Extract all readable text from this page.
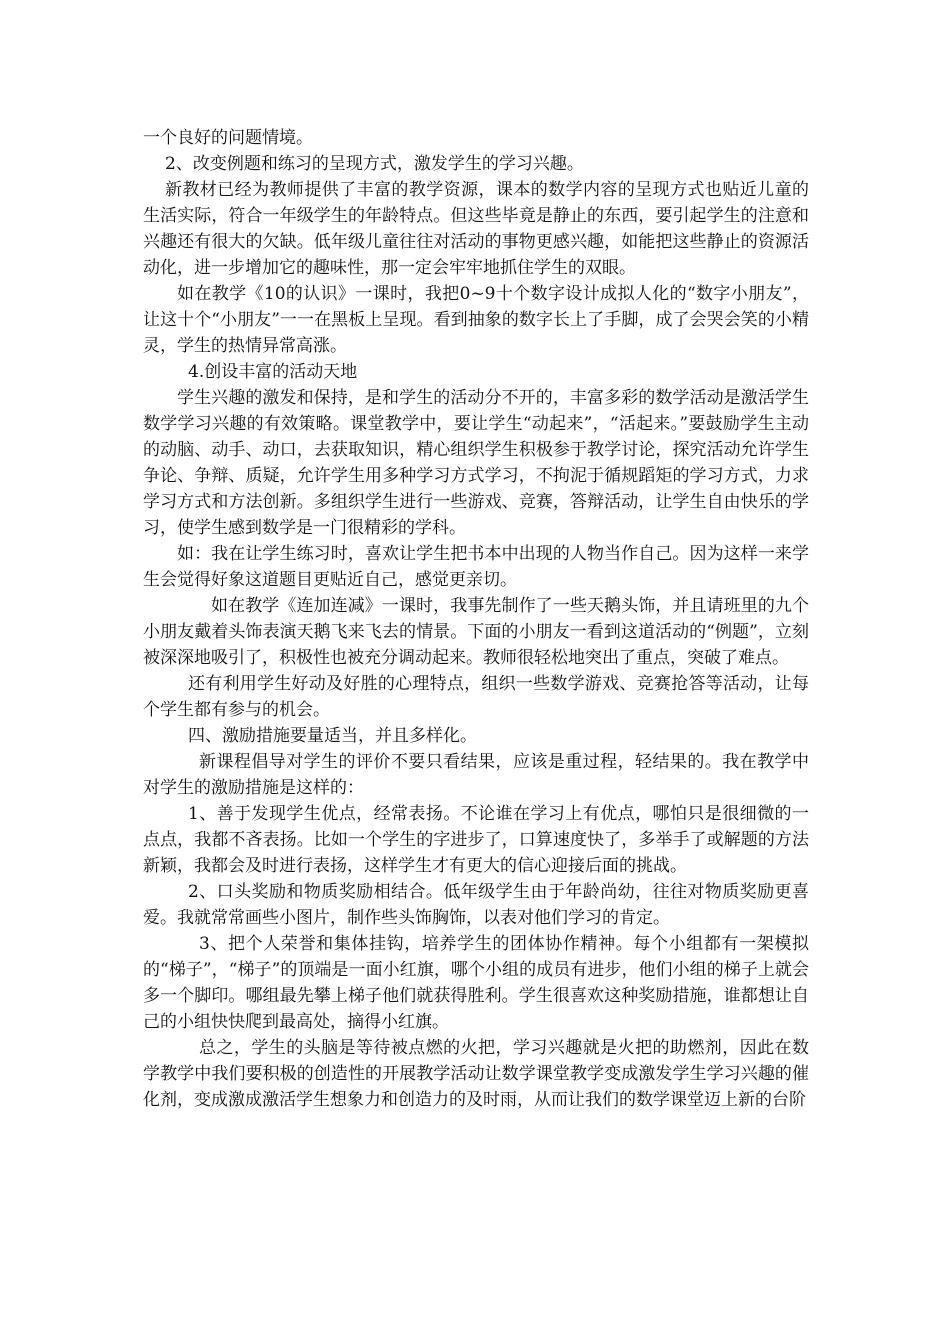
一个良好的问题情境。

2、改变例题和练习的呈现方式，激发学生的学习兴趣。

新教材已经为教师提供了丰富的教学资源，课本的数学内容的呈现方式也贴近儿童的生活实际，符合一年级学生的年龄特点。但这些毕竟是静止的东西，要引起学生的注意和兴趣还有很大的欠缺。低年级儿童往往对活动的事物更感兴趣，如能把这些静止的资源活动化，进一步增加它的趣味性，那一定会牢牢地抓住学生的双眼。

如在教学《10的认识》一课时，我把0~9十个数字设计成拟人化的“数字小朋友”，让这十个“小朋友”一一在黑板上呈现。看到抽象的数字长上了手脚，成了会哭会笑的小精灵，学生的热情异常高涨。

4.创设丰富的活动天地

学生兴趣的激发和保持，是和学生的活动分不开的，丰富多彩的数学活动是激活学生数学学习兴趣的有效策略。课堂教学中，要让学生“动起来”，“活起来。”要鼓励学生主动的动脑、动手、动口，去获取知识，精心组织学生积极参于教学讨论，探究活动允许学生争论、争辩、质疑，允许学生用多种学习方式学习，不拘泥于循规蹈矩的学习方式，力求学习方式和方法创新。多组织学生进行一些游戏、竞赛，答辩活动，让学生自由快乐的学习，使学生感到数学是一门很精彩的学科。

如：我在让学生练习时，喜欢让学生把书本中出现的人物当作自己。因为这样一来学生会觉得好象这道题目更贴近自己，感觉更亲切。

如在教学《连加连减》一课时，我事先制作了一些天鹅头饰，并且请班里的九个小朋友戴着头饰表演天鹅飞来飞去的情景。下面的小朋友一看到这道活动的“例题”，立刻被深深地吸引了，积极性也被充分调动起来。教师很轻松地突出了重点，突破了难点。

还有利用学生好动及好胜的心理特点，组织一些数学游戏、竞赛抢答等活动，让每个学生都有参与的机会。

四、激励措施要量适当，并且多样化。

新课程倡导对学生的评价不要只看结果，应该是重过程，轻结果的。我在教学中对学生的激励措施是这样的：

1、善于发现学生优点，经常表扬。不论谁在学习上有优点，哪怕只是很细微的一点点，我都不吝表扬。比如一个学生的字进步了，口算速度快了，多举手了或解题的方法新颖，我都会及时进行表扬，这样学生才有更大的信心迎接后面的挑战。

2、口头奖励和物质奖励相结合。低年级学生由于年龄尚幼，往往对物质奖励更喜爱。我就常常画些小图片，制作些头饰胸饰，以表对他们学习的肯定。

3、把个人荣誉和集体挂钩，培养学生的团体协作精神。每个小组都有一架模拟的“梯子”，“梯子”的顶端是一面小红旗，哪个小组的成员有进步，他们小组的梯子上就会多一个脚印。哪组最先攀上梯子他们就获得胜利。学生很喜欢这种奖励措施，谁都想让自己的小组快快爬到最高处，摘得小红旗。

总之，学生的头脑是等待被点燃的火把，学习兴趣就是火把的助燃剂，因此在数学教学中我们要积极的创造性的开展教学活动让数学课堂教学变成激发学生学习兴趣的催化剂，变成激成激活学生想象力和创造力的及时雨，从而让我们的数学课堂迈上新的台阶
